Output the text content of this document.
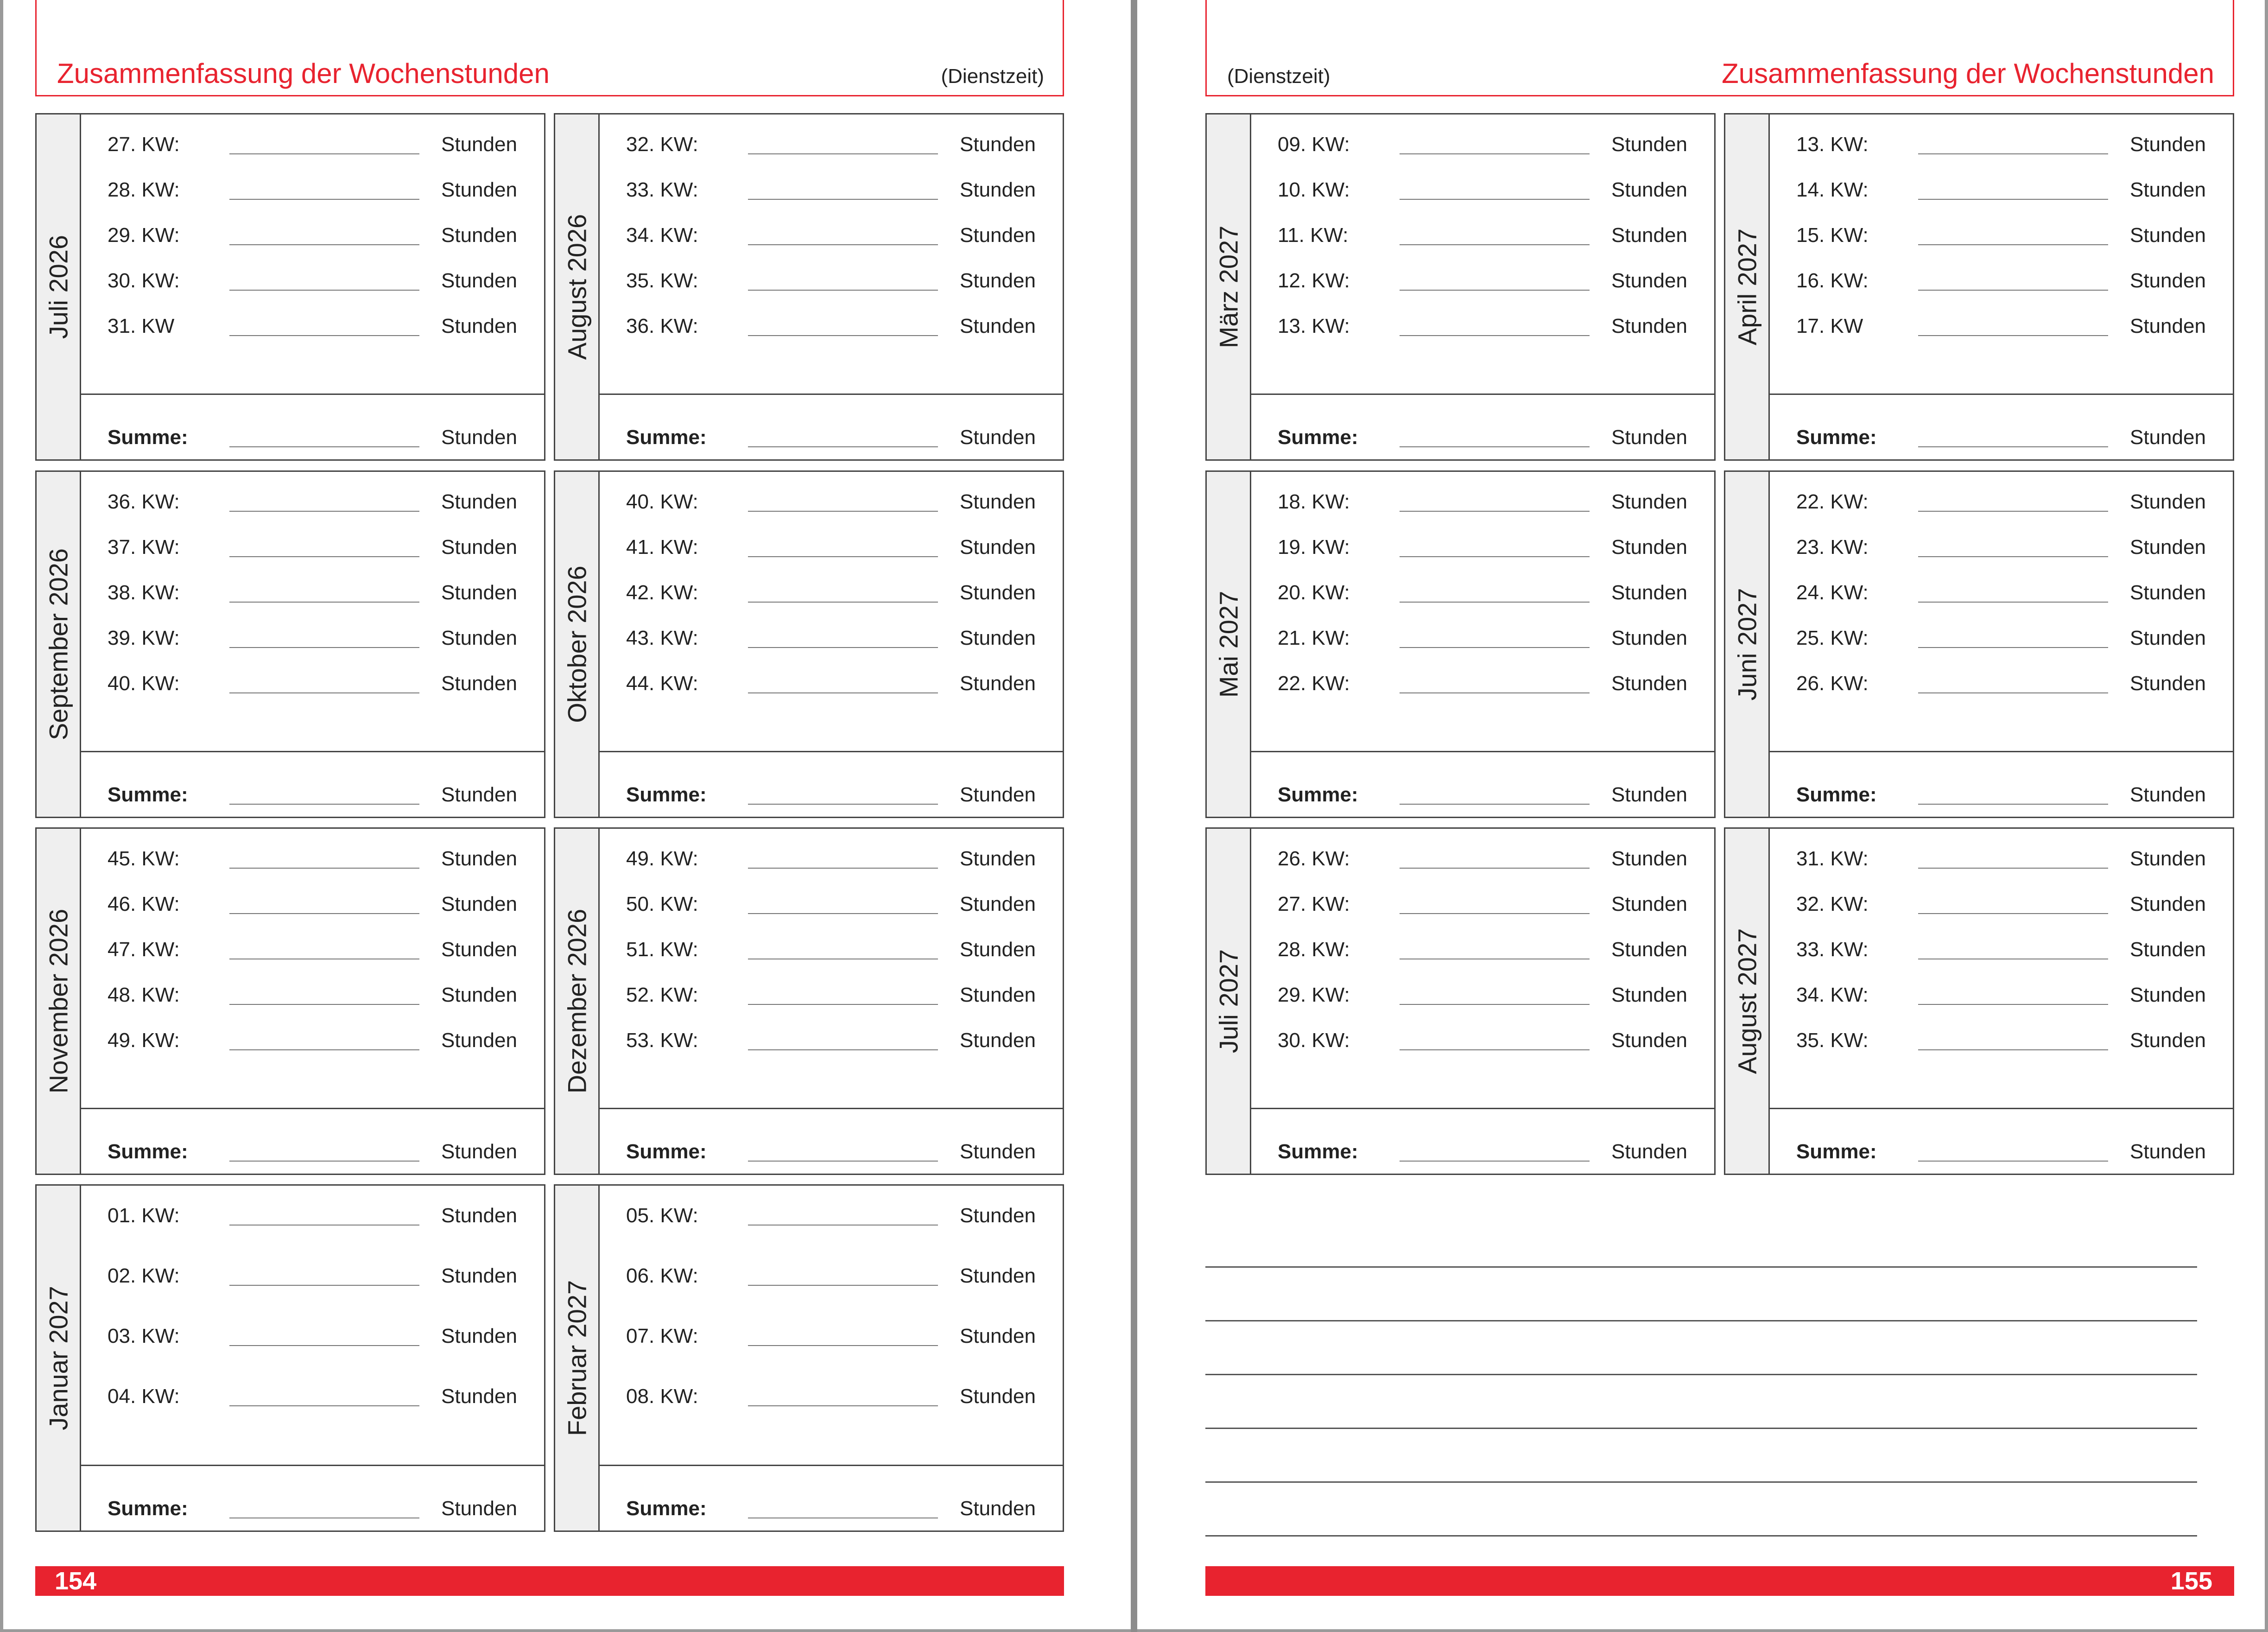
Zusammenfassung der Wochenstunden	(Dienstzeit)
Juli 2026
27. KW:	Stunden
28. KW:	Stunden
29. KW:	Stunden
30. KW:	Stunden
31. KW	Stunden
Summe:	Stunden
August 2026
32. KW:	Stunden
33. KW:	Stunden
34. KW:	Stunden
35. KW:	Stunden
36. KW:	Stunden
Summe:	Stunden
September 2026
36. KW:	Stunden
37. KW:	Stunden
38. KW:	Stunden
39. KW:	Stunden
40. KW:	Stunden
Summe:	Stunden
Oktober 2026
40. KW:	Stunden
41. KW:	Stunden
42. KW:	Stunden
43. KW:	Stunden
44. KW:	Stunden
Summe:	Stunden
November 2026
45. KW:	Stunden
46. KW:	Stunden
47. KW:	Stunden
48. KW:	Stunden
49. KW:	Stunden
Summe:	Stunden
Dezember 2026
49. KW:	Stunden
50. KW:	Stunden
51. KW:	Stunden
52. KW:	Stunden
53. KW:	Stunden
Summe:	Stunden
Januar 2027
01. KW:	Stunden
02. KW:	Stunden
03. KW:	Stunden
04. KW:	Stunden
Summe:	Stunden
Februar 2027
05. KW:	Stunden
06. KW:	Stunden
07. KW:	Stunden
08. KW:	Stunden
Summe:	Stunden
154
(Dienstzeit)	Zusammenfassung der Wochenstunden
März 2027
09. KW:	Stunden
10. KW:	Stunden
11. KW:	Stunden
12. KW:	Stunden
13. KW:	Stunden
Summe:	Stunden
April 2027
13. KW:	Stunden
14. KW:	Stunden
15. KW:	Stunden
16. KW:	Stunden
17. KW	Stunden
Summe:	Stunden
Mai 2027
18. KW:	Stunden
19. KW:	Stunden
20. KW:	Stunden
21. KW:	Stunden
22. KW:	Stunden
Summe:	Stunden
Juni 2027
22. KW:	Stunden
23. KW:	Stunden
24. KW:	Stunden
25. KW:	Stunden
26. KW:	Stunden
Summe:	Stunden
Juli 2027
26. KW:	Stunden
27. KW:	Stunden
28. KW:	Stunden
29. KW:	Stunden
30. KW:	Stunden
Summe:	Stunden
August 2027
31. KW:	Stunden
32. KW:	Stunden
33. KW:	Stunden
34. KW:	Stunden
35. KW:	Stunden
Summe:	Stunden
155
